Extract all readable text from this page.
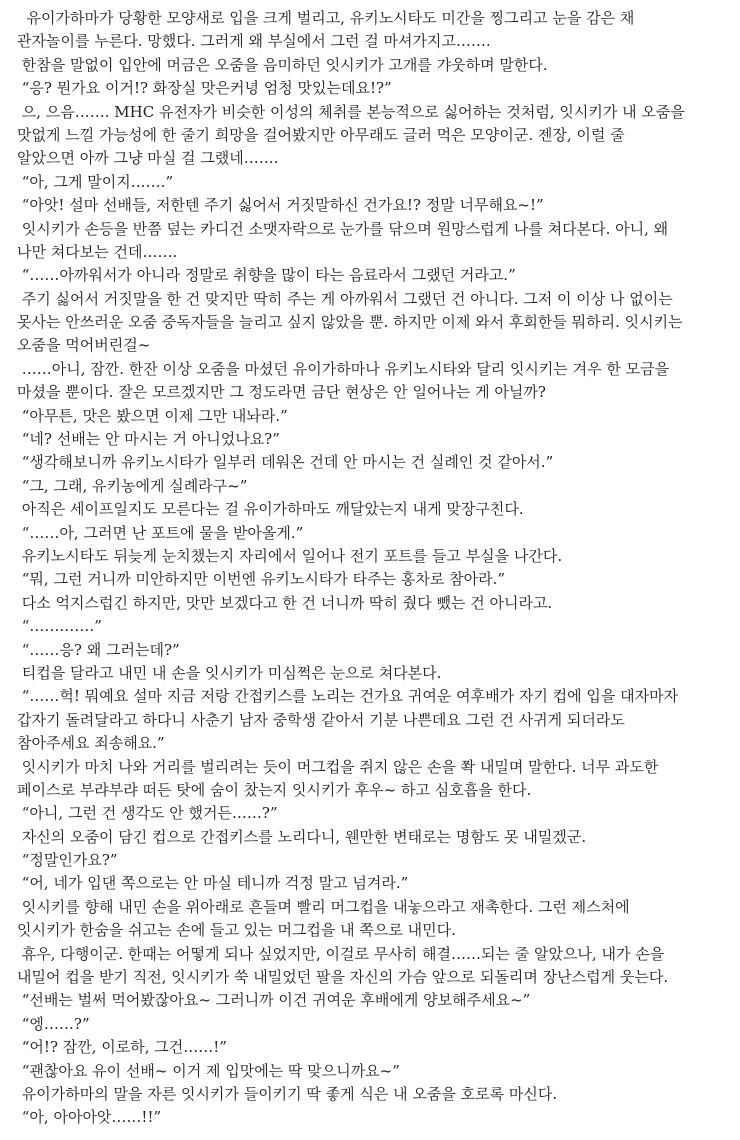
유이가하마가 당황한 모양새로 입을 크게 벌리고, 유키노시타도 미간을 찡그리고 눈을 감은 채
관자놀이를 누른다. 망했다. 그러게 왜 부실에서 그런 걸 마셔가지고…….
한참을 말없이 입안에 머금은 오줌을 음미하던 잇시키가 고개를 갸웃하며 말한다.
“응? 뭔가요 이거!? 화장실 맛은커녕 엄청 맛있는데요!?”
으, 으음……. MHC 유전자가 비슷한 이성의 체취를 본능적으로 싫어하는 것처럼, 잇시키가 내 오줌을
맛없게 느낄 가능성에 한 줄기 희망을 걸어봤지만 아무래도 글러 먹은 모양이군. 젠장, 이럴 줄
알았으면 아까 그냥 마실 걸 그랬네…….
“아, 그게 말이지…….”
“아앗! 설마 선배들, 저한텐 주기 싫어서 거짓말하신 건가요!? 정말 너무해요~!”
잇시키가 손등을 반쯤 덮는 카디건 소맷자락으로 눈가를 닦으며 원망스럽게 나를 쳐다본다. 아니, 왜
나만 쳐다보는 건데…….
“……아까워서가 아니라 정말로 취향을 많이 타는 음료라서 그랬던 거라고.”
주기 싫어서 거짓말을 한 건 맞지만 딱히 주는 게 아까워서 그랬던 건 아니다. 그저 이 이상 나 없이는
못사는 안쓰러운 오줌 중독자들을 늘리고 싶지 않았을 뿐. 하지만 이제 와서 후회한들 뭐하리. 잇시키는
오줌을 먹어버린걸~
……아니, 잠깐. 한잔 이상 오줌을 마셨던 유이가하마나 유키노시타와 달리 잇시키는 겨우 한 모금을
마셨을 뿐이다. 잘은 모르겠지만 그 정도라면 금단 현상은 안 일어나는 게 아닐까?
“아무튼, 맛은 봤으면 이제 그만 내놔라.”
“네? 선배는 안 마시는 거 아니었나요?”
“생각해보니까 유키노시타가 일부러 데워온 건데 안 마시는 건 실례인 것 같아서.”
“그, 그래, 유키농에게 실례라구~”
아직은 세이프일지도 모른다는 걸 유이가하마도 깨달았는지 내게 맞장구친다.
“……아, 그러면 난 포트에 물을 받아올게.”
유키노시타도 뒤늦게 눈치챘는지 자리에서 일어나 전기 포트를 들고 부실을 나간다.
“뭐, 그런 거니까 미안하지만 이번엔 유키노시타가 타주는 홍차로 참아라.”
다소 억지스럽긴 하지만, 맛만 보겠다고 한 건 너니까 딱히 줬다 뺐는 건 아니라고.
“………….”
“……응? 왜 그러는데?”
티컵을 달라고 내민 내 손을 잇시키가 미심쩍은 눈으로 쳐다본다.
“……헉! 뭐예요 설마 지금 저랑 간접키스를 노리는 건가요 귀여운 여후배가 자기 컵에 입을 대자마자
갑자기 돌려달라고 하다니 사춘기 남자 중학생 같아서 기분 나쁜데요 그런 건 사귀게 되더라도
참아주세요 죄송해요.”
잇시키가 마치 나와 거리를 벌리려는 듯이 머그컵을 쥐지 않은 손을 쫙 내밀며 말한다. 너무 과도한
페이스로 부랴부랴 떠든 탓에 숨이 찼는지 잇시키가 후우~ 하고 심호흡을 한다.
“아니, 그런 건 생각도 안 했거든……?”
자신의 오줌이 담긴 컵으로 간접키스를 노리다니, 웬만한 변태로는 명함도 못 내밀겠군.
“정말인가요?”
“어, 네가 입댄 쪽으로는 안 마실 테니까 걱정 말고 넘겨라.”
잇시키를 향해 내민 손을 위아래로 흔들며 빨리 머그컵을 내놓으라고 재촉한다. 그런 제스처에
잇시키가 한숨을 쉬고는 손에 들고 있는 머그컵을 내 쪽으로 내민다.
휴우, 다행이군. 한때는 어떻게 되나 싶었지만, 이걸로 무사히 해결……되는 줄 알았으나, 내가 손을
내밀어 컵을 받기 직전, 잇시키가 쑥 내밀었던 팔을 자신의 가슴 앞으로 되돌리며 장난스럽게 웃는다.
“선배는 벌써 먹어봤잖아요~ 그러니까 이건 귀여운 후배에게 양보해주세요~”
“엥……?”
“어!? 잠깐, 이로하, 그건……!”
“괜찮아요 유이 선배~ 이거 제 입맛에는 딱 맞으니까요~”
유이가하마의 말을 자른 잇시키가 들이키기 딱 좋게 식은 내 오줌을 호로록 마신다.
“아, 아아아앗……!!”
